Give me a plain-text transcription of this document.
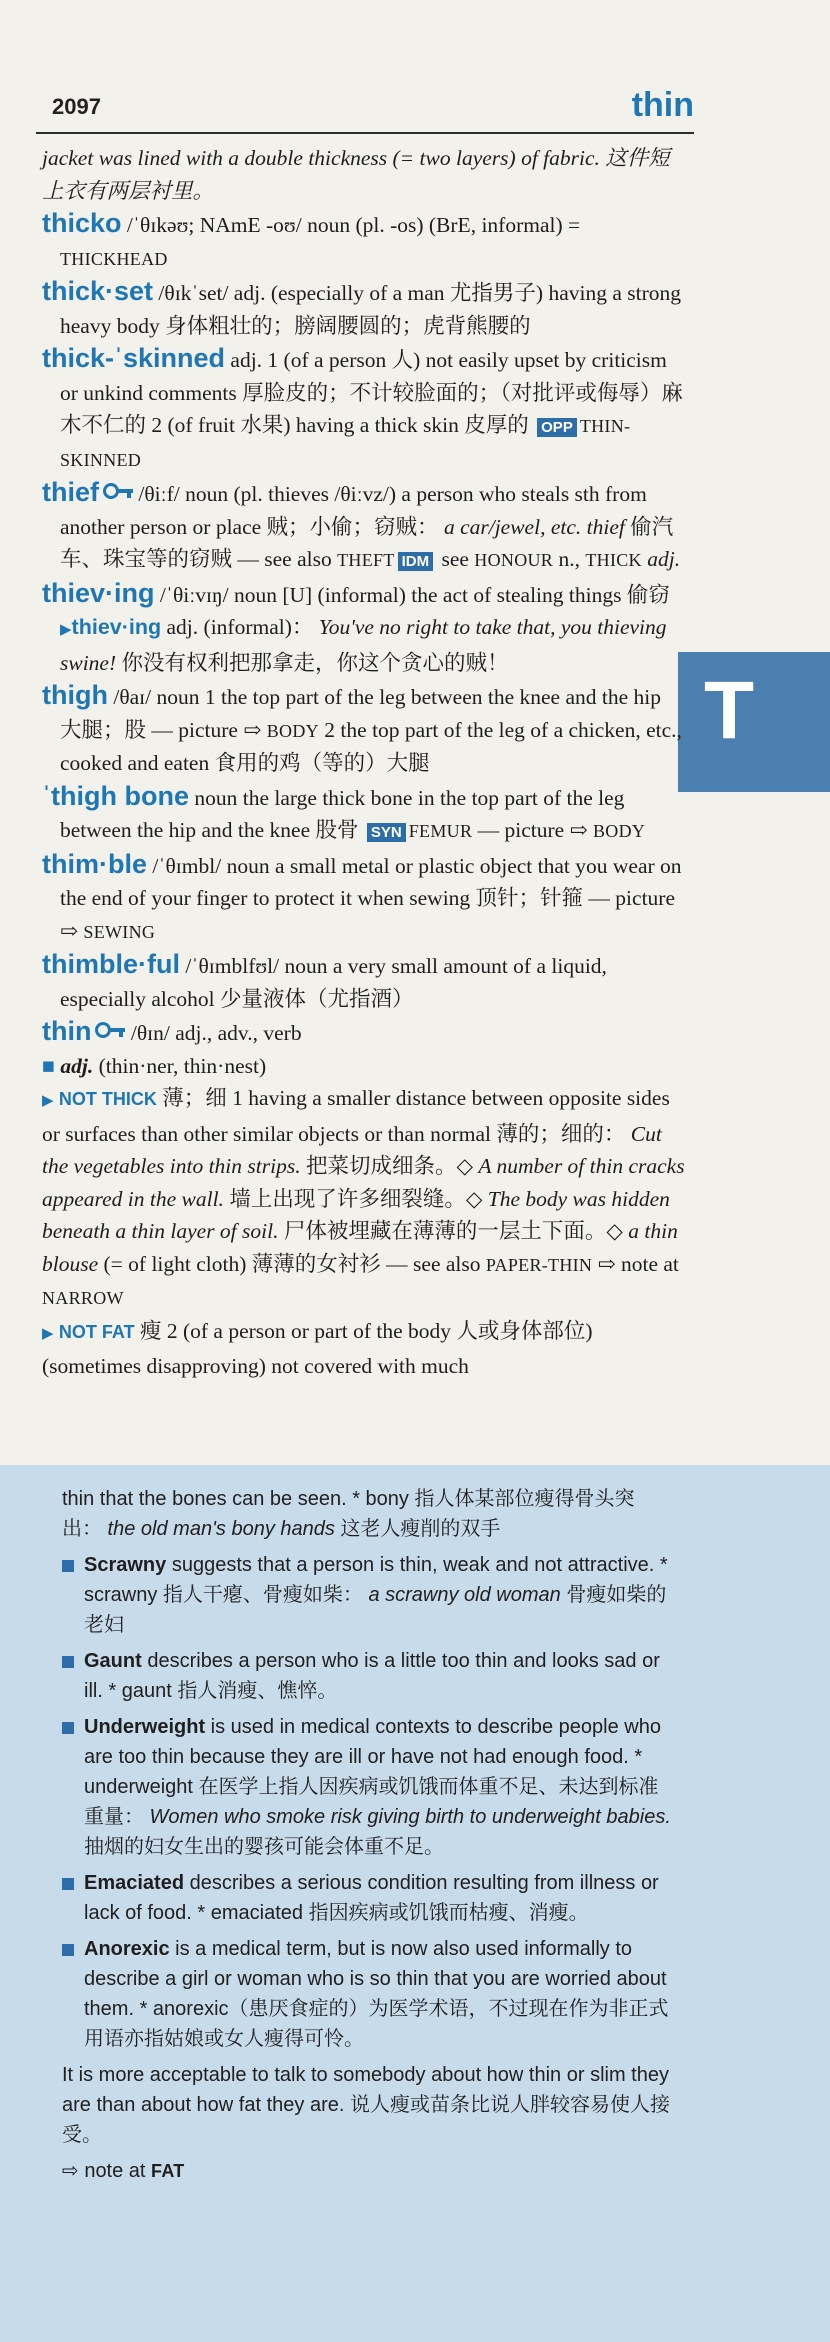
2097	thin
T

jacket was lined with a double thickness (= two layers) of fabric. 这件短上衣有两层衬里。

thicko /ˈθɪkəʊ; NAmE -oʊ/ noun (pl. -os) (BrE, informal) = THICKHEAD

thick·set /θɪkˈset/ adj. (especially of a man 尤指男子) having a strong heavy body 身体粗壮的；膀阔腰圆的；虎背熊腰的

thick-ˈskinned adj. 1 (of a person 人) not easily upset by criticism or unkind comments 厚脸皮的；不计较脸面的；（对批评或侮辱）麻木不仁的 2 (of fruit 水果) having a thick skin 皮厚的 OPP THIN-SKINNED

thief
/θiːf/ noun (pl. thieves /θiːvz/) a person who steals sth from another person or place 贼；小偷；窃贼： a car/jewel, etc. thief 偷汽车、珠宝等的窃贼 — see also THEFT IDM see HONOUR n., THICK adj.

thiev·ing /ˈθiːvɪŋ/ noun [U] (informal) the act of stealing things 偷窃 ▶thiev·ing adj. (informal)： You've no right to take that, you thieving swine! 你没有权利把那拿走，你这个贪心的贼！

thigh /θaɪ/ noun 1 the top part of the leg between the knee and the hip 大腿；股 — picture ⇨ BODY 2 the top part of the leg of a chicken, etc., cooked and eaten 食用的鸡（等的）大腿

ˈthigh bone noun the large thick bone in the top part of the leg between the hip and the knee 股骨 SYN FEMUR — picture ⇨ BODY

thim·ble /ˈθɪmbl/ noun a small metal or plastic object that you wear on the end of your finger to protect it when sewing 顶针；针箍 — picture ⇨ SEWING

thimble·ful /ˈθɪmblfʊl/ noun a very small amount of a liquid, especially alcohol 少量液体（尤指酒）

thin
/θɪn/ adj., adv., verb

■ adj. (thin·ner, thin·nest)

▶ NOT THICK 薄；细 1 having a smaller distance between opposite sides or surfaces than other similar objects or than normal 薄的；细的： Cut the vegetables into thin strips. 把菜切成细条。◇ A number of thin cracks appeared in the wall. 墙上出现了许多细裂缝。◇ The body was hidden beneath a thin layer of soil. 尸体被埋藏在薄薄的一层土下面。◇ a thin blouse (= of light cloth) 薄薄的女衬衫 — see also PAPER-THIN ⇨ note at NARROW

▶ NOT FAT 瘦 2 (of a person or part of the body 人或身体部位) (sometimes disapproving) not covered with much

thin that the bones can be seen. * bony 指人体某部位瘦得骨头突出： the old man's bony hands 这老人瘦削的双手

Scrawny suggests that a person is thin, weak and not attractive. * scrawny 指人干瘪、骨瘦如柴： a scrawny old woman 骨瘦如柴的老妇
Gaunt describes a person who is a little too thin and looks sad or ill. * gaunt 指人消瘦、憔悴。
Underweight is used in medical contexts to describe people who are too thin because they are ill or have not had enough food. * underweight 在医学上指人因疾病或饥饿而体重不足、未达到标准重量： Women who smoke risk giving birth to underweight babies. 抽烟的妇女生出的婴孩可能会体重不足。
Emaciated describes a serious condition resulting from illness or lack of food. * emaciated 指因疾病或饥饿而枯瘦、消瘦。
Anorexic is a medical term, but is now also used informally to describe a girl or woman who is so thin that you are worried about them. * anorexic（患厌食症的）为医学术语，不过现在作为非正式用语亦指姑娘或女人瘦得可怜。

It is more acceptable to talk to somebody about how thin or slim they are than about how fat they are. 说人瘦或苗条比说人胖较容易使人接受。

⇨ note at FAT
